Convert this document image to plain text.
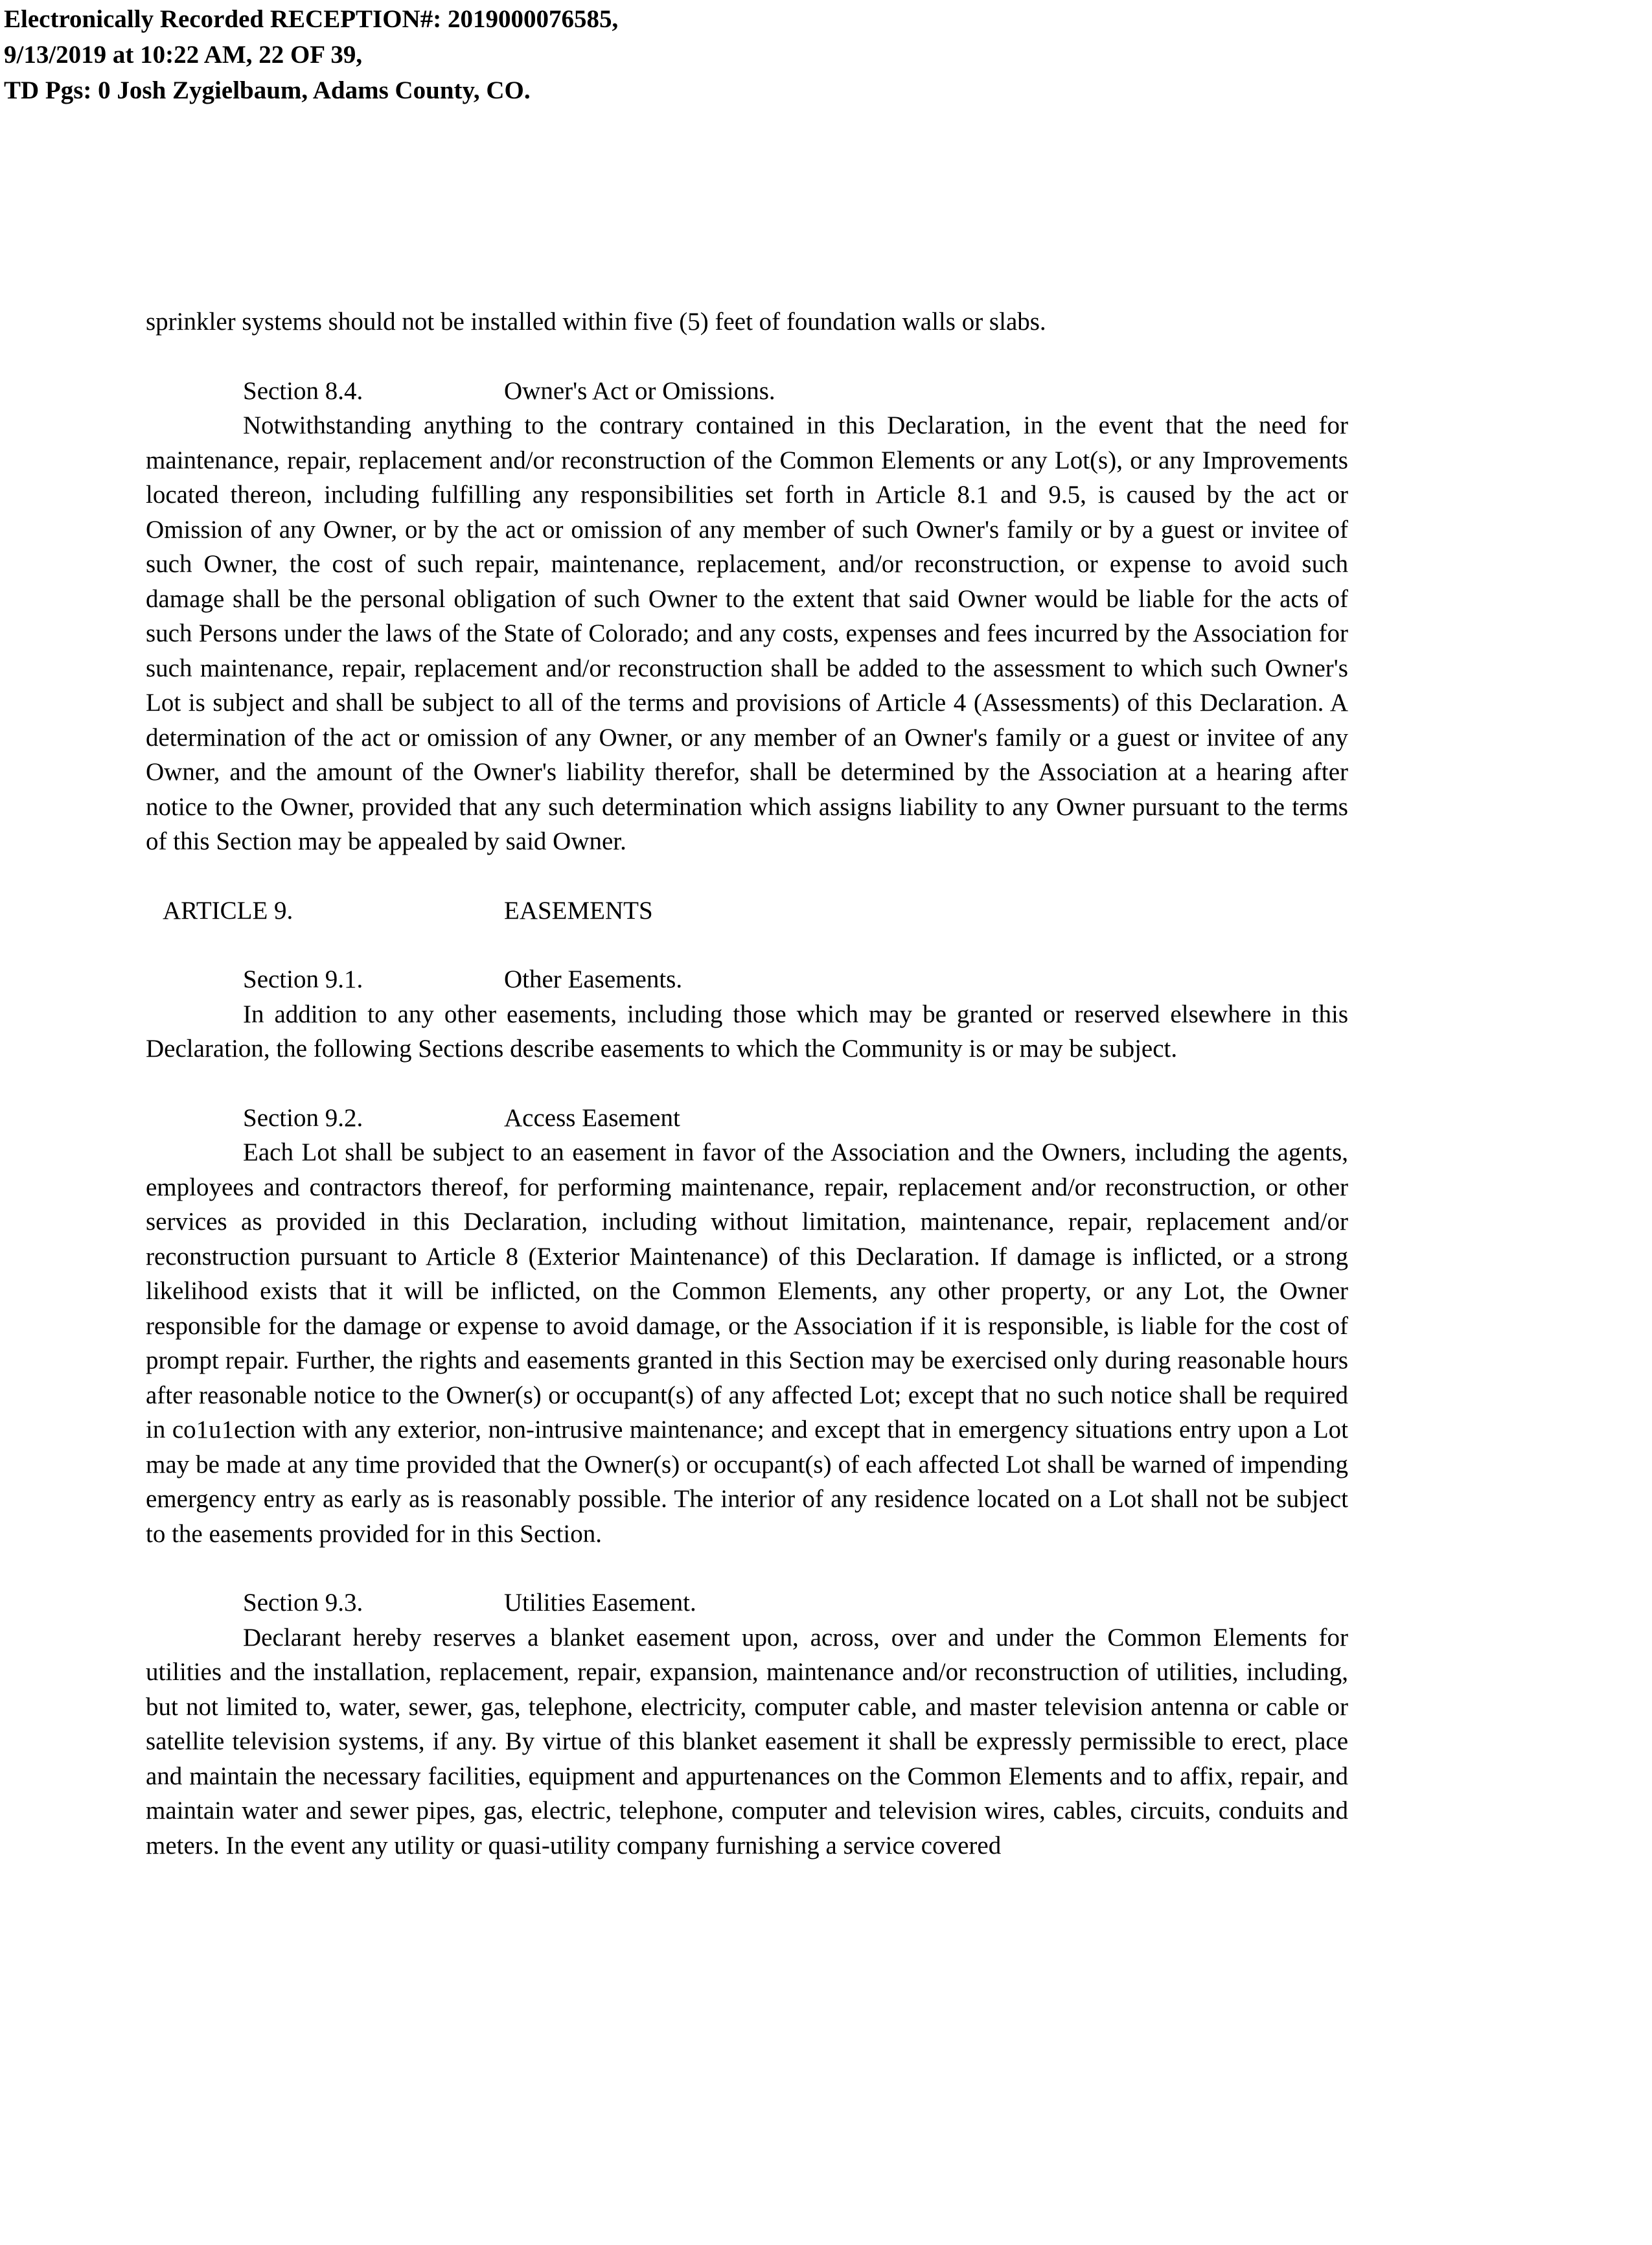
Electronically Recorded RECEPTION#: 2019000076585,
9/13/2019 at 10:22 AM, 22 OF 39,
TD Pgs: 0 Josh Zygielbaum, Adams County, CO.

sprinkler systems should not be installed within five (5) feet of foundation walls or slabs.

Section 8.4.	Owner's Act or Omissions.

Notwithstanding anything to the contrary contained in this Declaration, in the event that the need for maintenance, repair, replacement and/or reconstruction of the Common Elements or any Lot(s), or any Improvements located thereon, including fulfilling any responsibilities set forth in Article 8.1 and 9.5, is caused by the act or Omission of any Owner, or by the act or omission of any member of such Owner's family or by a guest or invitee of such Owner, the cost of such repair, maintenance, replacement, and/or reconstruction, or expense to avoid such damage shall be the personal obligation of such Owner to the extent that said Owner would be liable for the acts of such Persons under the laws of the State of Colorado; and any costs, expenses and fees incurred by the Association for such maintenance, repair, replacement and/or reconstruction shall be added to the assessment to which such Owner's Lot is subject and shall be subject to all of the terms and provisions of Article 4 (Assessments) of this Declaration. A determination of the act or omission of any Owner, or any member of an Owner's family or a guest or invitee of any Owner, and the amount of the Owner's liability therefor, shall be determined by the Association at a hearing after notice to the Owner, provided that any such determination which assigns liability to any Owner pursuant to the terms of this Section may be appealed by said Owner.

ARTICLE 9.	EASEMENTS
Section 9.1.	Other Easements.

In addition to any other easements, including those which may be granted or reserved elsewhere in this Declaration, the following Sections describe easements to which the Community is or may be subject.

Section 9.2.	Access Easement

Each Lot shall be subject to an easement in favor of the Association and the Owners, including the agents, employees and contractors thereof, for performing maintenance, repair, replacement and/or reconstruction, or other services as provided in this Declaration, including without limitation, maintenance, repair, replacement and/or reconstruction pursuant to Article 8 (Exterior Maintenance) of this Declaration. If damage is inflicted, or a strong likelihood exists that it will be inflicted, on the Common Elements, any other property, or any Lot, the Owner responsible for the damage or expense to avoid damage, or the Association if it is responsible, is liable for the cost of prompt repair. Further, the rights and easements granted in this Section may be exercised only during reasonable hours after reasonable notice to the Owner(s) or occupant(s) of any affected Lot; except that no such notice shall be required in co1u1ection with any exterior, non-intrusive maintenance; and except that in emergency situations entry upon a Lot may be made at any time provided that the Owner(s) or occupant(s) of each affected Lot shall be warned of impending emergency entry as early as is reasonably possible. The interior of any residence located on a Lot shall not be subject to the easements provided for in this Section.

Section 9.3.	Utilities Easement.

Declarant hereby reserves a blanket easement upon, across, over and under the Common Elements for utilities and the installation, replacement, repair, expansion, maintenance and/or reconstruction of utilities, including, but not limited to, water, sewer, gas, telephone, electricity, computer cable, and master television antenna or cable or satellite television systems, if any. By virtue of this blanket easement it shall be expressly permissible to erect, place and maintain the necessary facilities, equipment and appurtenances on the Common Elements and to affix, repair, and maintain water and sewer pipes, gas, electric, telephone, computer and television wires, cables, circuits, conduits and meters. In the event any utility or quasi-utility company furnishing a service covered
